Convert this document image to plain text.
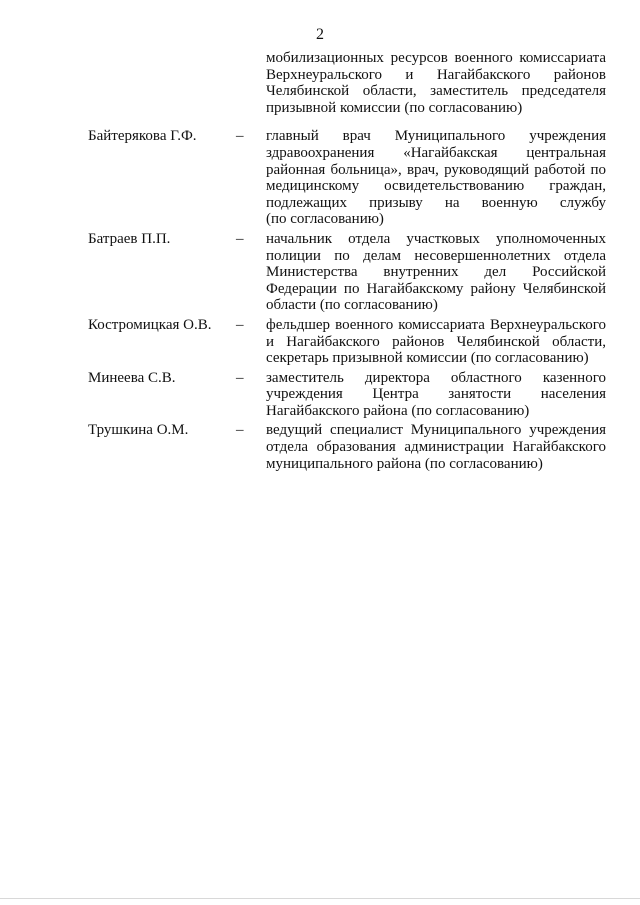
2
мобилизационных ресурсов военного комиссариата
Верхнеуральского и Нагайбакского районов
Челябинской области, заместитель председателя
призывной комиссии (по согласованию)
Байтерякова Г.Ф.	–	главный врач Муниципального учреждения
здравоохранения «Нагайбакская центральная
районная больница», врач, руководящий работой по
медицинскому освидетельствованию граждан,
подлежащих призыву на военную службу
(по согласованию)
Батраев П.П.	–	начальник отдела участковых уполномоченных
полиции по делам несовершеннолетних отдела
Министерства внутренних дел Российской
Федерации по Нагайбакскому району Челябинской
области (по согласованию)
Костромицкая О.В.	–	фельдшер военного комиссариата Верхнеуральского
и Нагайбакского районов Челябинской области,
секретарь призывной комиссии (по согласованию)
Минеева С.В.	–	заместитель директора областного казенного
учреждения Центра занятости населения
Нагайбакского района (по согласованию)
Трушкина О.М.	–	ведущий специалист Муниципального учреждения
отдела образования администрации Нагайбакского
муниципального района (по согласованию)
